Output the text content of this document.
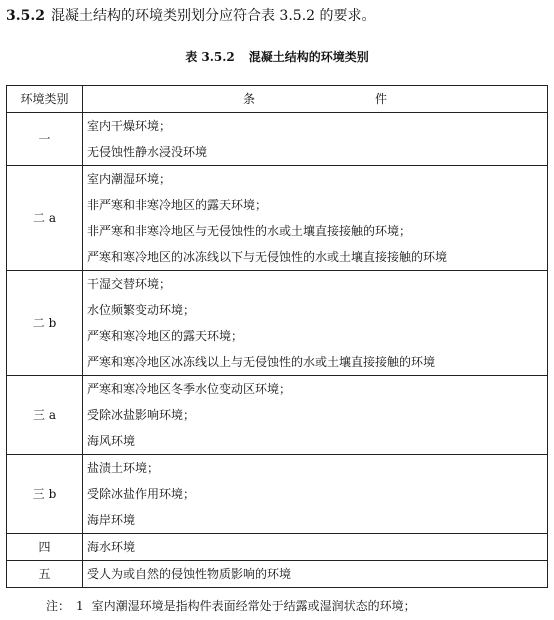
3.5.2 混凝土结构的环境类别划分应符合表 3.5.2 的要求。
表 3.5.2 混凝土结构的环境类别
环境类别	条 件
一	室内干燥环境；
无侵蚀性静水浸没环境

二 a	室内潮湿环境；
非严寒和非寒冷地区的露天环境；
非严寒和非寒冷地区与无侵蚀性的水或土壤直接接触的环境；
严寒和寒冷地区的冰冻线以下与无侵蚀性的水或土壤直接接触的环境

二 b	干湿交替环境；
水位频繁变动环境；
严寒和寒冷地区的露天环境；
严寒和寒冷地区冰冻线以上与无侵蚀性的水或土壤直接接触的环境

三 a	严寒和寒冷地区冬季水位变动区环境；
受除冰盐影响环境；
海风环境

三 b	盐渍土环境；
受除冰盐作用环境；
海岸环境

四	海水环境

五	受人为或自然的侵蚀性物质影响的环境
注： 1 室内潮湿环境是指构件表面经常处于结露或湿润状态的环境；
